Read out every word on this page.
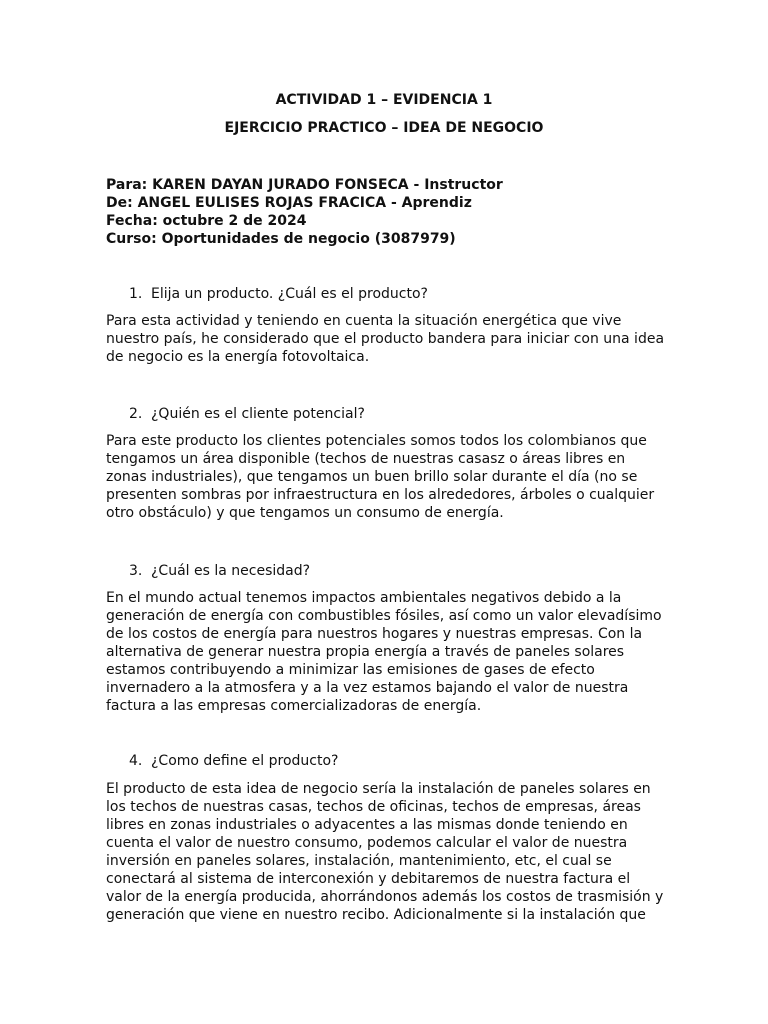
ACTIVIDAD 1 – EVIDENCIA 1
EJERCICIO PRACTICO – IDEA DE NEGOCIO
Para: KAREN DAYAN JURADO FONSECA - Instructor
De: ANGEL EULISES ROJAS FRACICA - Aprendiz
Fecha: octubre 2 de 2024
Curso: Oportunidades de negocio (3087979)
1. Elija un producto. ¿Cuál es el producto?
Para esta actividad y teniendo en cuenta la situación energética que vive
nuestro país, he considerado que el producto bandera para iniciar con una idea
de negocio es la energía fotovoltaica.
2. ¿Quién es el cliente potencial?
Para este producto los clientes potenciales somos todos los colombianos que
tengamos un área disponible (techos de nuestras casasz o áreas libres en
zonas industriales), que tengamos un buen brillo solar durante el día (no se
presenten sombras por infraestructura en los alrededores, árboles o cualquier
otro obstáculo) y que tengamos un consumo de energía.
3. ¿Cuál es la necesidad?
En el mundo actual tenemos impactos ambientales negativos debido a la
generación de energía con combustibles fósiles, así como un valor elevadísimo
de los costos de energía para nuestros hogares y nuestras empresas. Con la
alternativa de generar nuestra propia energía a través de paneles solares
estamos contribuyendo a minimizar las emisiones de gases de efecto
invernadero a la atmosfera y a la vez estamos bajando el valor de nuestra
factura a las empresas comercializadoras de energía.
4. ¿Como define el producto?
El producto de esta idea de negocio sería la instalación de paneles solares en
los techos de nuestras casas, techos de oficinas, techos de empresas, áreas
libres en zonas industriales o adyacentes a las mismas donde teniendo en
cuenta el valor de nuestro consumo, podemos calcular el valor de nuestra
inversión en paneles solares, instalación, mantenimiento, etc, el cual se
conectará al sistema de interconexión y debitaremos de nuestra factura el
valor de la energía producida, ahorrándonos además los costos de trasmisión y
generación que viene en nuestro recibo. Adicionalmente si la instalación que
